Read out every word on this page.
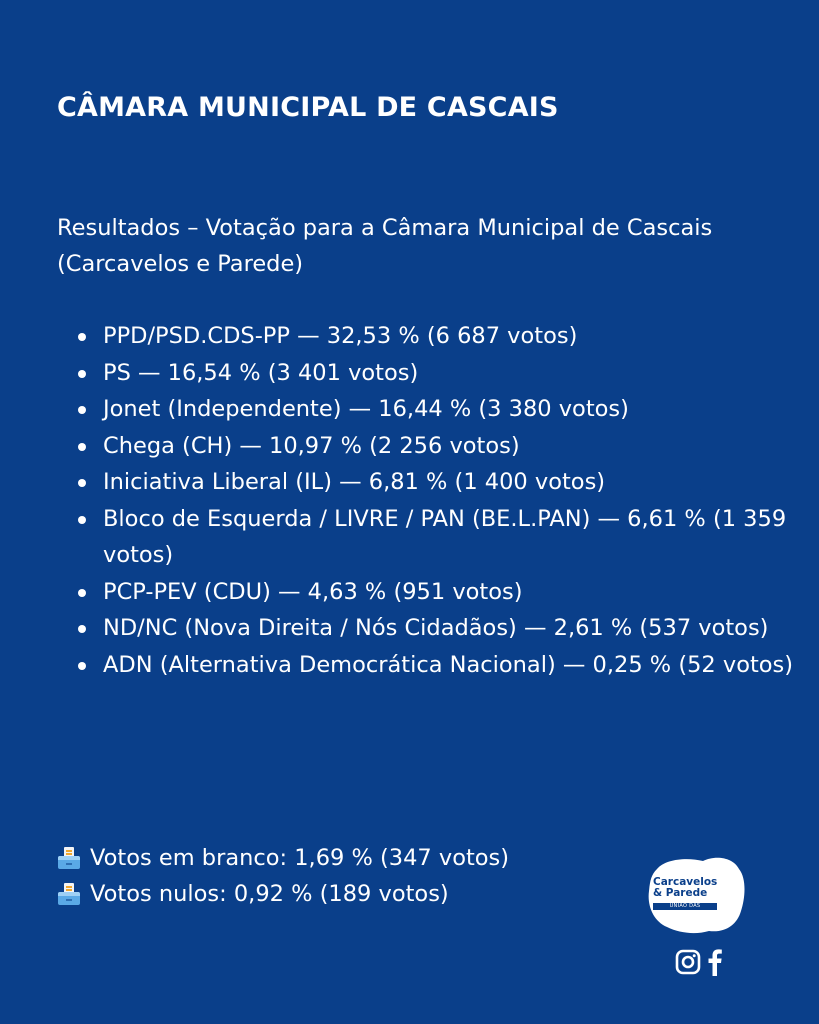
CÂMARA MUNICIPAL DE CASCAIS
Resultados – Votação para a Câmara Municipal de Cascais
(Carcavelos e Parede)
PPD/PSD.CDS-PP — 32,53 % (6 687 votos)
PS — 16,54 % (3 401 votos)
Jonet (Independente) — 16,44 % (3 380 votos)
Chega (CH) — 10,97 % (2 256 votos)
Iniciativa Liberal (IL) — 6,81 % (1 400 votos)
Bloco de Esquerda / LIVRE / PAN (BE.L.PAN) — 6,61 % (1 359 votos)
PCP-PEV (CDU) — 4,63 % (951 votos)
ND/NC (Nova Direita / Nós Cidadãos) — 2,61 % (537 votos)
ADN (Alternativa Democrática Nacional) — 0,25 % (52 votos)
Votos em branco: 1,69 % (347 votos)
Votos nulos: 0,92 % (189 votos)	Carcavelos
& Parede
UNIÃO DAS FREGUESIAS
